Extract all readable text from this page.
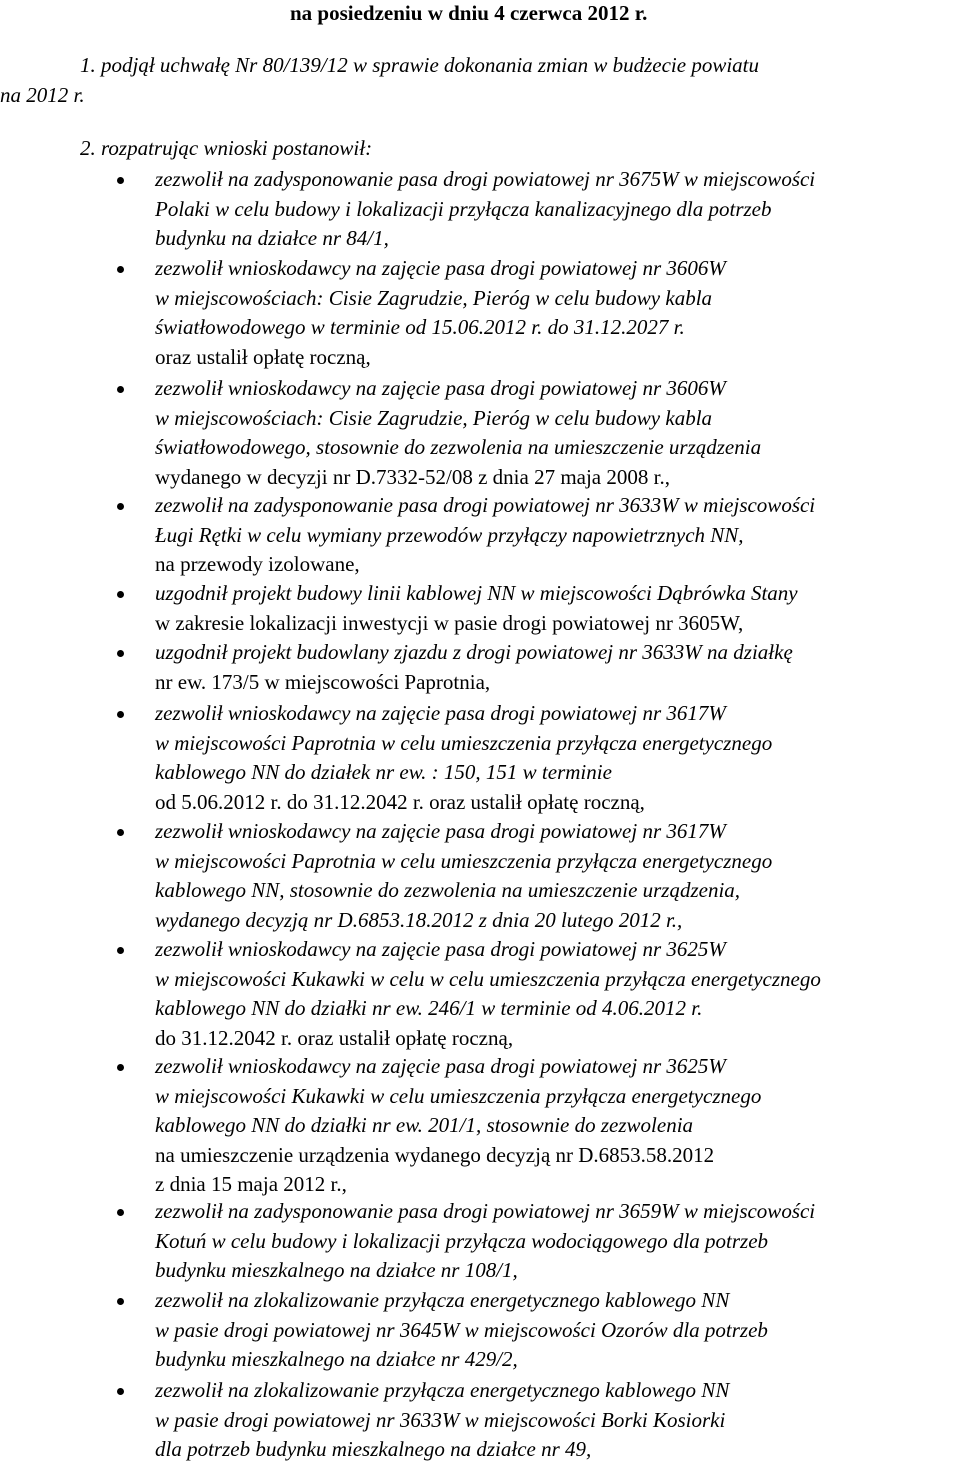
na posiedzeniu w dniu 4 czerwca 2012 r.
1. podjął uchwałę Nr 80/139/12 w sprawie dokonania zmian w budżecie powiatu
na 2012 r.
2. rozpatrując wnioski postanowił:
zezwolił na zadysponowanie pasa drogi powiatowej nr 3675W w miejscowości
Polaki w celu budowy i lokalizacji przyłącza kanalizacyjnego dla potrzeb
budynku na działce nr 84/1,
zezwolił wnioskodawcy na zajęcie pasa drogi powiatowej nr 3606W
w miejscowościach: Cisie Zagrudzie, Pieróg w celu budowy kabla
światłowodowego w terminie od 15.06.2012 r. do 31.12.2027 r.
oraz ustalił opłatę roczną,
zezwolił wnioskodawcy na zajęcie pasa drogi powiatowej nr 3606W
w miejscowościach: Cisie Zagrudzie, Pieróg w celu budowy kabla
światłowodowego, stosownie do zezwolenia na umieszczenie urządzenia
wydanego w decyzji nr D.7332-52/08 z dnia 27 maja 2008 r.,
zezwolił na zadysponowanie pasa drogi powiatowej nr 3633W w miejscowości
Ługi Rętki w celu wymiany przewodów przyłączy napowietrznych NN,
na przewody izolowane,
uzgodnił projekt budowy linii kablowej NN w miejscowości Dąbrówka Stany
w zakresie lokalizacji inwestycji w pasie drogi powiatowej nr 3605W,
uzgodnił projekt budowlany zjazdu z drogi powiatowej nr 3633W na działkę
nr ew. 173/5 w miejscowości Paprotnia,
zezwolił wnioskodawcy na zajęcie pasa drogi powiatowej nr 3617W
w miejscowości Paprotnia w celu umieszczenia przyłącza energetycznego
kablowego NN do działek nr ew. : 150, 151 w terminie
od 5.06.2012 r. do 31.12.2042 r. oraz ustalił opłatę roczną,
zezwolił wnioskodawcy na zajęcie pasa drogi powiatowej nr 3617W
w miejscowości Paprotnia w celu umieszczenia przyłącza energetycznego
kablowego NN, stosownie do zezwolenia na umieszczenie urządzenia,
wydanego decyzją nr D.6853.18.2012 z dnia 20 lutego 2012 r.,
zezwolił wnioskodawcy na zajęcie pasa drogi powiatowej nr 3625W
w miejscowości Kukawki w celu w celu umieszczenia przyłącza energetycznego
kablowego NN do działki nr ew. 246/1 w terminie od 4.06.2012 r.
do 31.12.2042 r. oraz ustalił opłatę roczną,
zezwolił wnioskodawcy na zajęcie pasa drogi powiatowej nr 3625W
w miejscowości Kukawki w celu umieszczenia przyłącza energetycznego
kablowego NN do działki nr ew. 201/1, stosownie do zezwolenia
na umieszczenie urządzenia wydanego decyzją nr D.6853.58.2012
z dnia 15 maja 2012 r.,
zezwolił na zadysponowanie pasa drogi powiatowej nr 3659W w miejscowości
Kotuń w celu budowy i lokalizacji przyłącza wodociągowego dla potrzeb
budynku mieszkalnego na działce nr 108/1,
zezwolił na zlokalizowanie przyłącza energetycznego kablowego NN
w pasie drogi powiatowej nr 3645W w miejscowości Ozorów dla potrzeb
budynku mieszkalnego na działce nr 429/2,
zezwolił na zlokalizowanie przyłącza energetycznego kablowego NN
w pasie drogi powiatowej nr 3633W w miejscowości Borki Kosiorki
dla potrzeb budynku mieszkalnego na działce nr 49,
